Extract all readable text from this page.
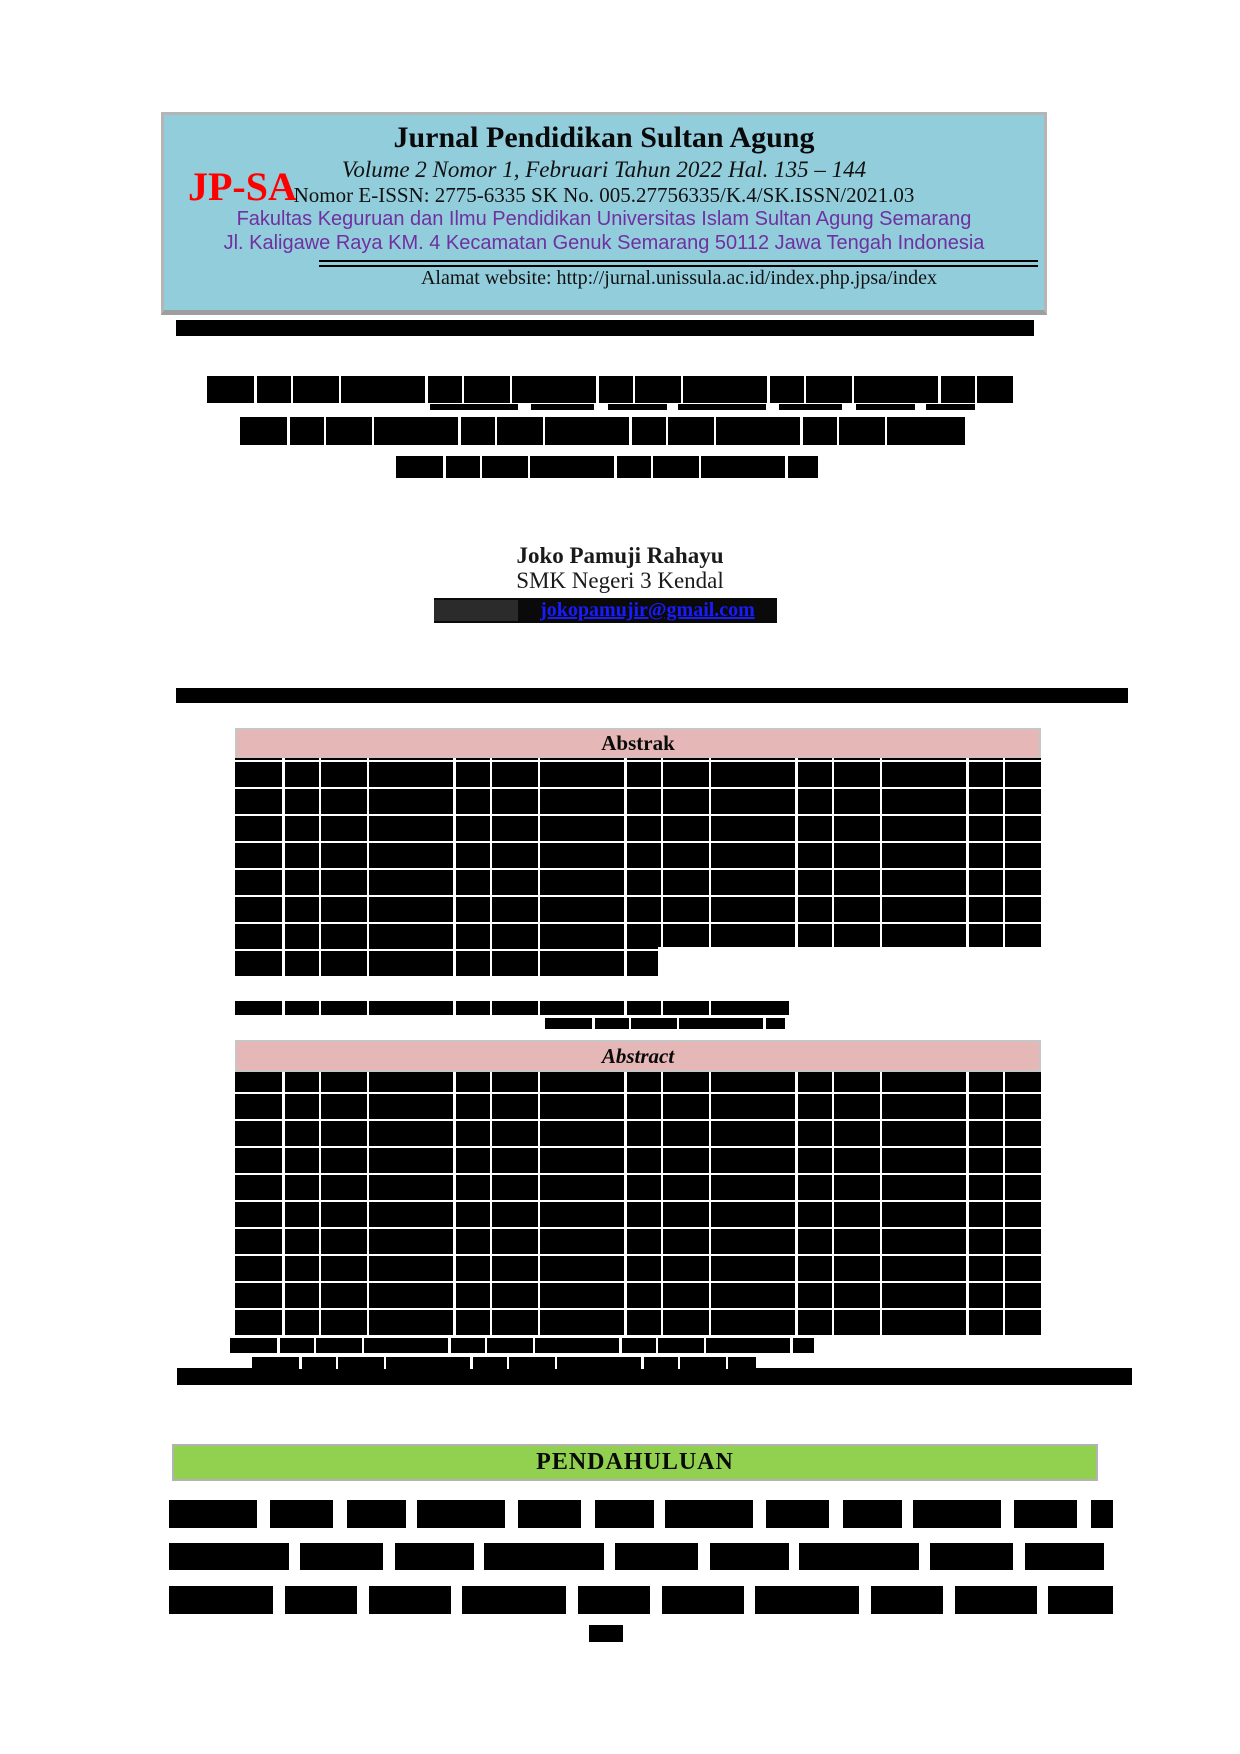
JP-SA
Jurnal Pendidikan Sultan Agung
Volume 2 Nomor 1, Februari Tahun 2022 Hal. 135 – 144
Nomor E-ISSN: 2775-6335 SK No. 005.27756335/K.4/SK.ISSN/2021.03
Fakultas Keguruan dan Ilmu Pendidikan Universitas Islam Sultan Agung Semarang
Jl. Kaligawe Raya KM. 4 Kecamatan Genuk Semarang 50112 Jawa Tengah Indonesia
Alamat website: http://jurnal.unissula.ac.id/index.php.jpsa/index
Joko Pamuji Rahayu
SMK Negeri 3 Kendal
jokopamujir@gmail.com
Abstrak
Abstract
PENDAHULUAN
